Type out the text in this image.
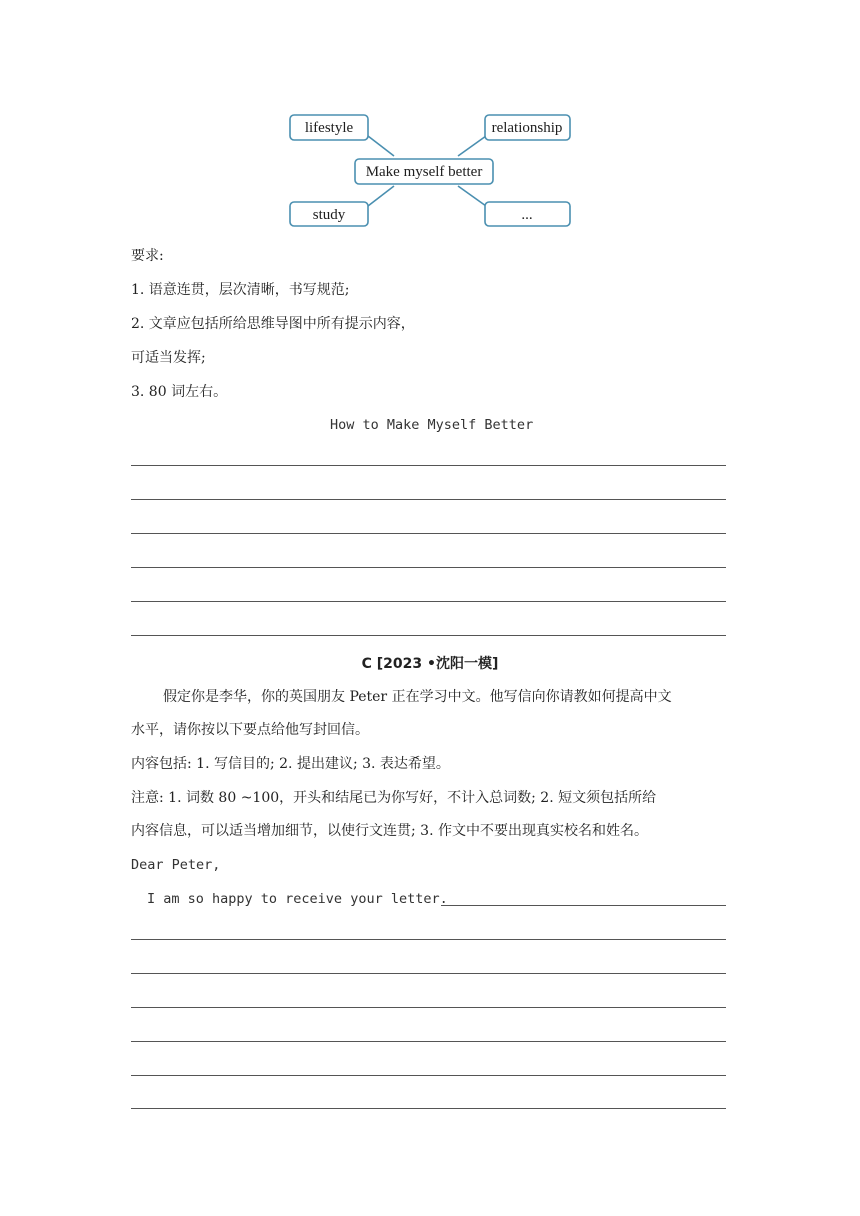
lifestyle	relationship
Make myself better
study	...
要求:
1. 语意连贯，层次清晰，书写规范;
2. 文章应包括所给思维导图中所有提示内容，
可适当发挥;
3. 80 词左右。
How to Make Myself Better
C [2023 •沈阳一模]
假定你是李华，你的英国朋友 Peter 正在学习中文。他写信向你请教如何提高中文
水平，请你按以下要点给他写封回信。
内容包括: 1. 写信目的; 2. 提出建议; 3. 表达希望。
注意: 1. 词数 80 ~100，开头和结尾已为你写好，不计入总词数; 2. 短文须包括所给
内容信息，可以适当增加细节，以使行文连贯; 3. 作文中不要出现真实校名和姓名。
Dear Peter,
I am so happy to receive your letter.
